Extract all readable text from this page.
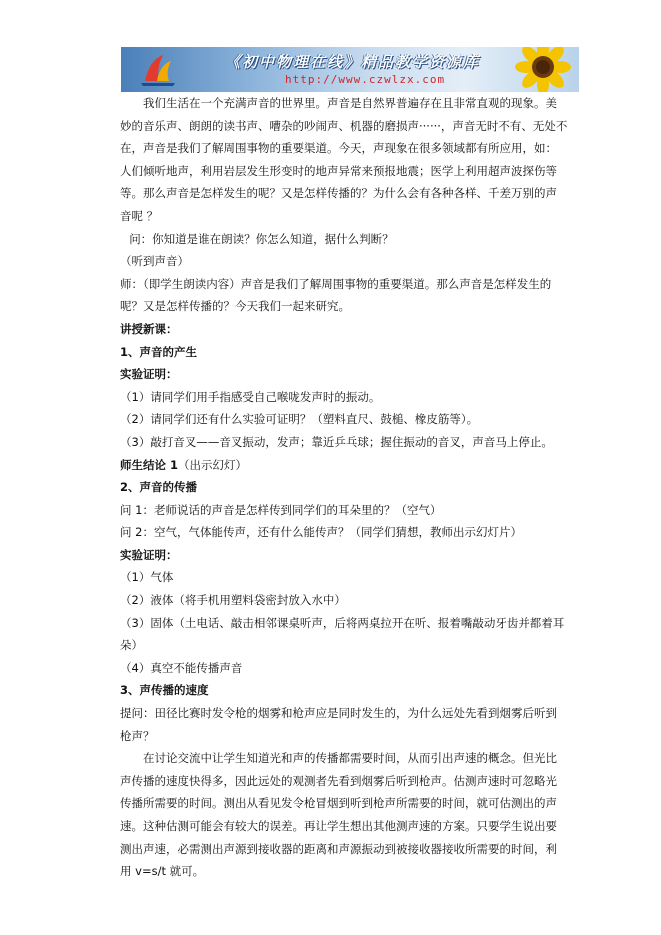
《初中物理在线》精品教学资源库
http://www.czwlzx.com

我们生活在一个充满声音的世界里。声音是自然界普遍存在且非常直观的现象。美妙的音乐声、朗朗的读书声、嘈杂的吵闹声、机器的磨损声······，声音无时不有、无处不在，声音是我们了解周围事物的重要渠道。今天，声现象在很多领域都有所应用，如：人们倾听地声，利用岩层发生形变时的地声异常来预报地震；医学上利用超声波探伤等等。那么声音是怎样发生的呢？又是怎样传播的？为什么会有各种各样、千差万别的声音呢 ？

问：你知道是谁在朗读？你怎么知道，据什么判断？

（听到声音）

师：（即学生朗读内容）声音是我们了解周围事物的重要渠道。那么声音是怎样发生的呢？又是怎样传播的？今天我们一起来研究。

讲授新课：

1、声音的产生

实验证明：

（1）请同学们用手指感受自己喉咙发声时的振动。

（2）请同学们还有什么实验可证明？（塑料直尺、鼓槌、橡皮筋等）。

（3）敲打音叉——音叉振动，发声；靠近乒乓球；握住振动的音叉，声音马上停止。

师生结论 1（出示幻灯）

2、声音的传播

问 1：老师说话的声音是怎样传到同学们的耳朵里的？（空气）

问 2：空气，气体能传声，还有什么能传声？（同学们猜想，教师出示幻灯片）

实验证明：

（1）气体

（2）液体（将手机用塑料袋密封放入水中）

（3）固体（土电话、敲击相邻课桌听声，后将两桌拉开在听、报着嘴敲动牙齿并都着耳朵）

（4）真空不能传播声音

3、声传播的速度

提问：田径比赛时发令枪的烟雾和枪声应是同时发生的，为什么远处先看到烟雾后听到枪声？

在讨论交流中让学生知道光和声的传播都需要时间，从而引出声速的概念。但光比声传播的速度快得多，因此远处的观测者先看到烟雾后听到枪声。估测声速时可忽略光传播所需要的时间。测出从看见发令枪冒烟到听到枪声所需要的时间，就可估测出的声速。这种估测可能会有较大的误差。再让学生想出其他测声速的方案。只要学生说出要测出声速，必需测出声源到接收器的距离和声源振动到被接收器接收所需要的时间，利用 v=s/t 就可。
